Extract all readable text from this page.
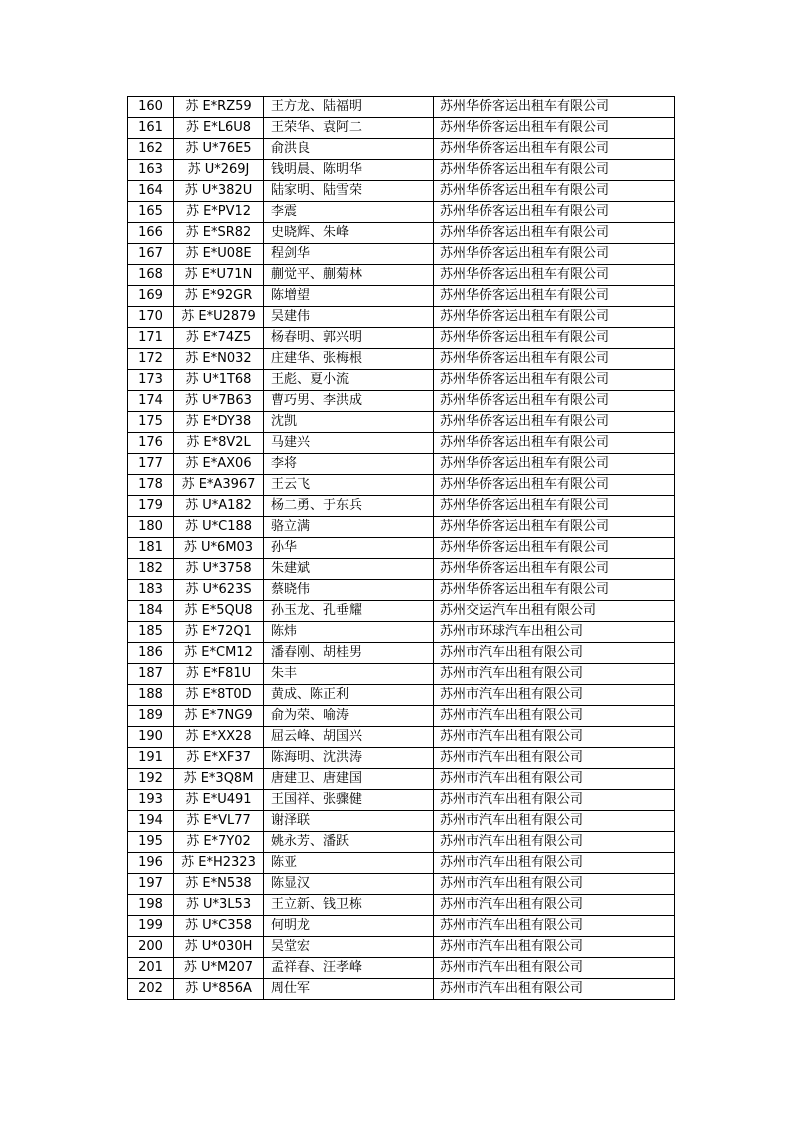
160	苏 E*RZ59	王方龙、陆福明	苏州华侨客运出租车有限公司
161	苏 E*L6U8	王荣华、袁阿二	苏州华侨客运出租车有限公司
162	苏 U*76E5	俞洪良	苏州华侨客运出租车有限公司
163	苏 U*269J	钱明晨、陈明华	苏州华侨客运出租车有限公司
164	苏 U*382U	陆家明、陆雪荣	苏州华侨客运出租车有限公司
165	苏 E*PV12	李震	苏州华侨客运出租车有限公司
166	苏 E*SR82	史晓辉、朱峰	苏州华侨客运出租车有限公司
167	苏 E*U08E	程剑华	苏州华侨客运出租车有限公司
168	苏 E*U71N	蒯觉平、蒯菊林	苏州华侨客运出租车有限公司
169	苏 E*92GR	陈增望	苏州华侨客运出租车有限公司
170	苏 E*U2879	吴建伟	苏州华侨客运出租车有限公司
171	苏 E*74Z5	杨春明、郭兴明	苏州华侨客运出租车有限公司
172	苏 E*N032	庄建华、张梅根	苏州华侨客运出租车有限公司
173	苏 U*1T68	王彪、夏小流	苏州华侨客运出租车有限公司
174	苏 U*7B63	曹巧男、李洪成	苏州华侨客运出租车有限公司
175	苏 E*DY38	沈凯	苏州华侨客运出租车有限公司
176	苏 E*8V2L	马建兴	苏州华侨客运出租车有限公司
177	苏 E*AX06	李将	苏州华侨客运出租车有限公司
178	苏 E*A3967	王云飞	苏州华侨客运出租车有限公司
179	苏 U*A182	杨二勇、于东兵	苏州华侨客运出租车有限公司
180	苏 U*C188	骆立满	苏州华侨客运出租车有限公司
181	苏 U*6M03	孙华	苏州华侨客运出租车有限公司
182	苏 U*3758	朱建斌	苏州华侨客运出租车有限公司
183	苏 U*623S	蔡晓伟	苏州华侨客运出租车有限公司
184	苏 E*5QU8	孙玉龙、孔垂耀	苏州交运汽车出租有限公司
185	苏 E*72Q1	陈炜	苏州市环球汽车出租公司
186	苏 E*CM12	潘春刚、胡桂男	苏州市汽车出租有限公司
187	苏 E*F81U	朱丰	苏州市汽车出租有限公司
188	苏 E*8T0D	黄成、陈正利	苏州市汽车出租有限公司
189	苏 E*7NG9	俞为荣、喻涛	苏州市汽车出租有限公司
190	苏 E*XX28	屈云峰、胡国兴	苏州市汽车出租有限公司
191	苏 E*XF37	陈海明、沈洪涛	苏州市汽车出租有限公司
192	苏 E*3Q8M	唐建卫、唐建国	苏州市汽车出租有限公司
193	苏 E*U491	王国祥、张骤健	苏州市汽车出租有限公司
194	苏 E*VL77	谢泽联	苏州市汽车出租有限公司
195	苏 E*7Y02	姚永芳、潘跃	苏州市汽车出租有限公司
196	苏 E*H2323	陈亚	苏州市汽车出租有限公司
197	苏 E*N538	陈显汉	苏州市汽车出租有限公司
198	苏 U*3L53	王立新、钱卫栋	苏州市汽车出租有限公司
199	苏 U*C358	何明龙	苏州市汽车出租有限公司
200	苏 U*030H	吴堂宏	苏州市汽车出租有限公司
201	苏 U*M207	孟祥春、汪孝峰	苏州市汽车出租有限公司
202	苏 U*856A	周仕军	苏州市汽车出租有限公司
